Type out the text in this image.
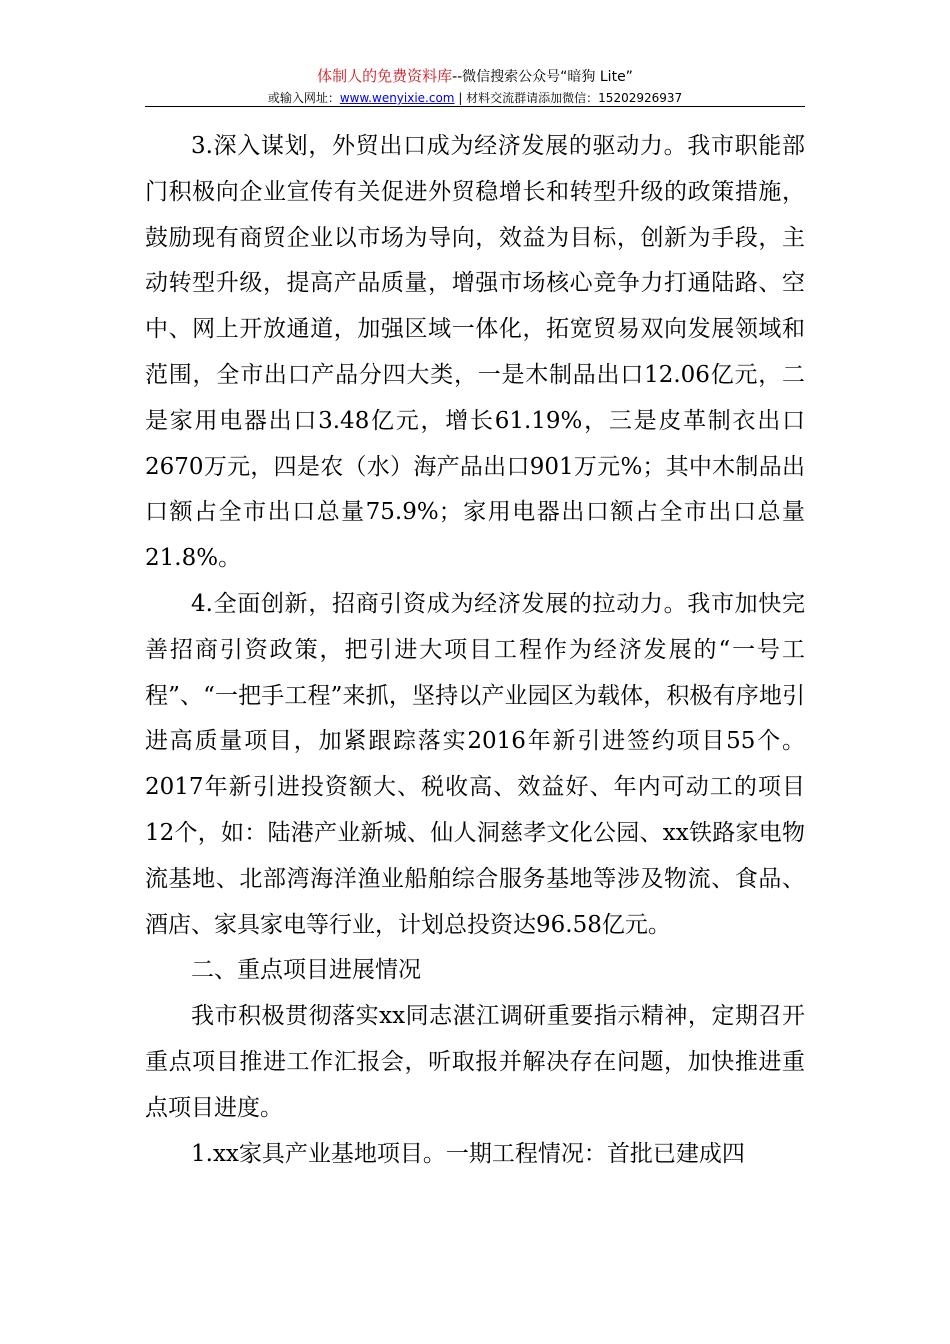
体制人的免费资料库--微信搜索公众号“暗狗 Lite”
或输入网址：www.wenyixie.com | 材料交流群请添加微信：15202926937

3.深入谋划，外贸出口成为经济发展的驱动力。我市职能部门积极向企业宣传有关促进外贸稳增长和转型升级的政策措施，鼓励现有商贸企业以市场为导向，效益为目标，创新为手段，主动转型升级，提高产品质量，增强市场核心竞争力打通陆路、空中、网上开放通道，加强区域一体化，拓宽贸易双向发展领域和范围，全市出口产品分四大类，一是木制品出口12.06亿元，二是家用电器出口3.48亿元，增长61.19%，三是皮革制衣出口2670万元，四是农（水）海产品出口901万元%；其中木制品出口额占全市出口总量75.9%；家用电器出口额占全市出口总量21.8%。

4.全面创新，招商引资成为经济发展的拉动力。我市加快完善招商引资政策，把引进大项目工程作为经济发展的“一号工程”、“一把手工程”来抓，坚持以产业园区为载体，积极有序地引进高质量项目，加紧跟踪落实2016年新引进签约项目55个。2017年新引进投资额大、税收高、效益好、年内可动工的项目12个，如：陆港产业新城、仙人洞慈孝文化公园、xx铁路家电物流基地、北部湾海洋渔业船舶综合服务基地等涉及物流、食品、酒店、家具家电等行业，计划总投资达96.58亿元。

二、重点项目进展情况

我市积极贯彻落实xx同志湛江调研重要指示精神，定期召开重点项目推进工作汇报会，听取报并解决存在问题，加快推进重点项目进度。

1.xx家具产业基地项目。一期工程情况：首批已建成四
